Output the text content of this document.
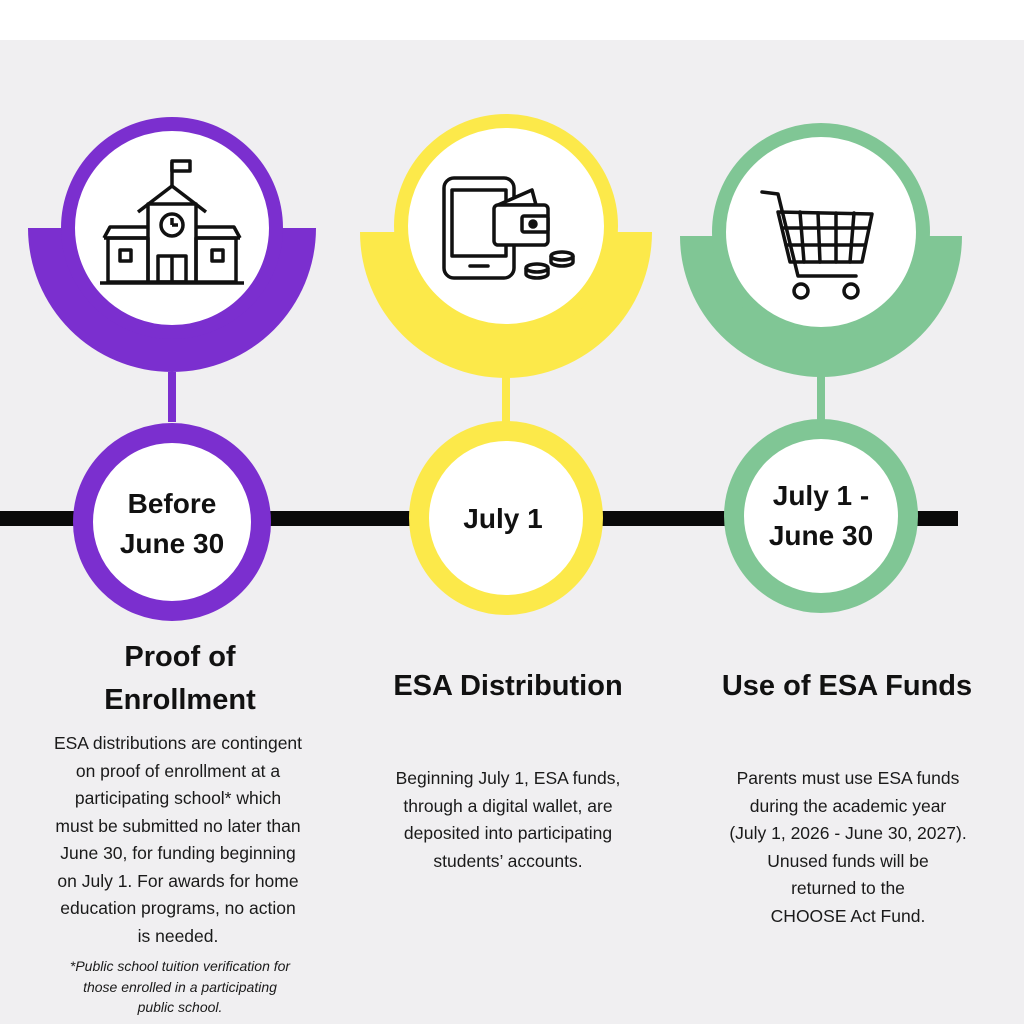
Before
June 30
July 1
July 1 -
June 30
Proof of
Enrollment	ESA Distribution	Use of ESA Funds
ESA distributions are contingent
on proof of enrollment at a
participating school* which
must be submitted no later than
June 30, for funding beginning
on July 1. For awards for home
education programs, no action
is needed.
*Public school tuition verification for
those enrolled in a participating
public school.
Beginning July 1, ESA funds,
through a digital wallet, are
deposited into participating
students’ accounts.
Parents must use ESA funds
during the academic year
(July 1, 2026 - June 30, 2027).
Unused funds will be
returned to the
CHOOSE Act Fund.
